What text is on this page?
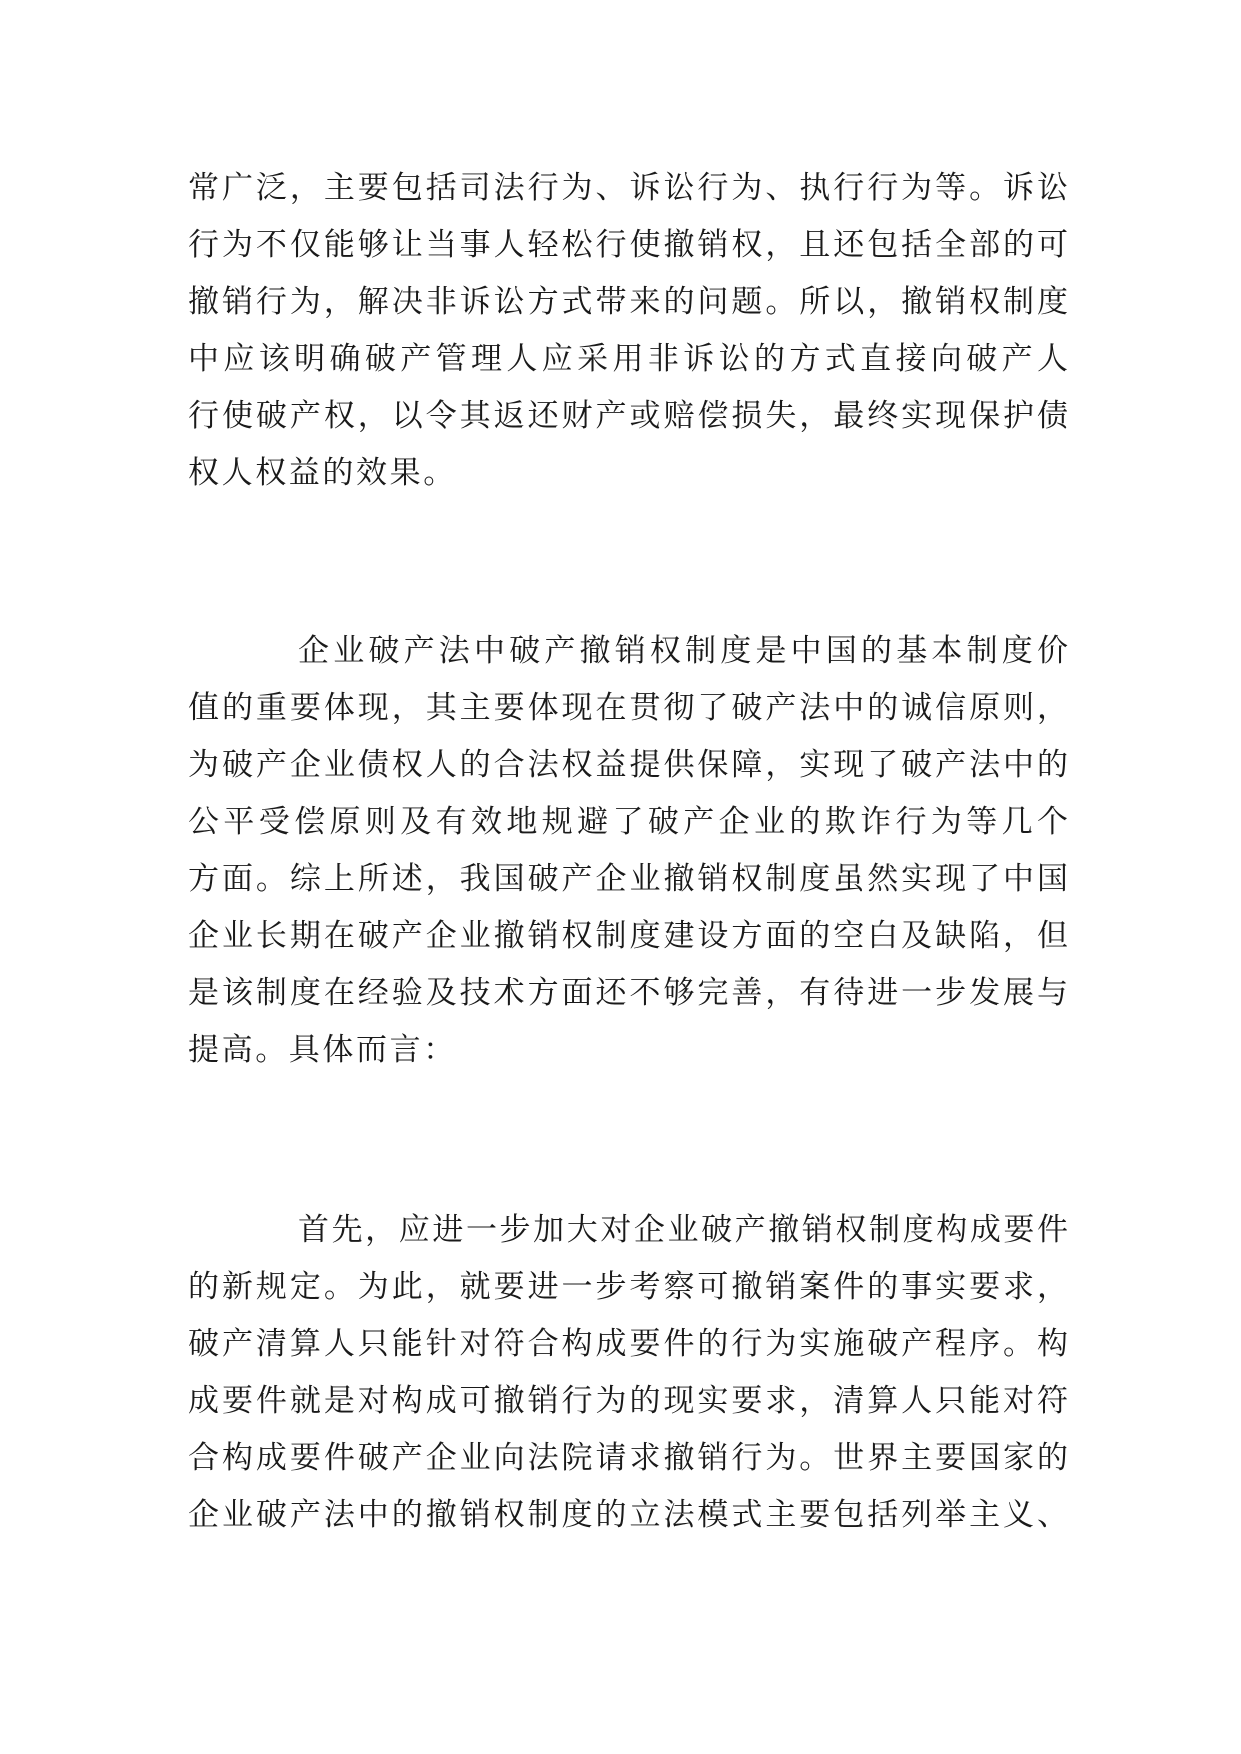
常广泛，主要包括司法行为、诉讼行为、执行行为等。诉讼
行为不仅能够让当事人轻松行使撤销权，且还包括全部的可
撤销行为，解决非诉讼方式带来的问题。所以，撤销权制度
中应该明确破产管理人应采用非诉讼的方式直接向破产人
行使破产权，以令其返还财产或赔偿损失，最终实现保护债
权人权益的效果。
企业破产法中破产撤销权制度是中国的基本制度价
值的重要体现，其主要体现在贯彻了破产法中的诚信原则，
为破产企业债权人的合法权益提供保障，实现了破产法中的
公平受偿原则及有效地规避了破产企业的欺诈行为等几个
方面。综上所述，我国破产企业撤销权制度虽然实现了中国
企业长期在破产企业撤销权制度建设方面的空白及缺陷，但
是该制度在经验及技术方面还不够完善，有待进一步发展与
提高。具体而言：
首先，应进一步加大对企业破产撤销权制度构成要件
的新规定。为此，就要进一步考察可撤销案件的事实要求，
破产清算人只能针对符合构成要件的行为实施破产程序。构
成要件就是对构成可撤销行为的现实要求，清算人只能对符
合构成要件破产企业向法院请求撤销行为。世界主要国家的
企业破产法中的撤销权制度的立法模式主要包括列举主义、
